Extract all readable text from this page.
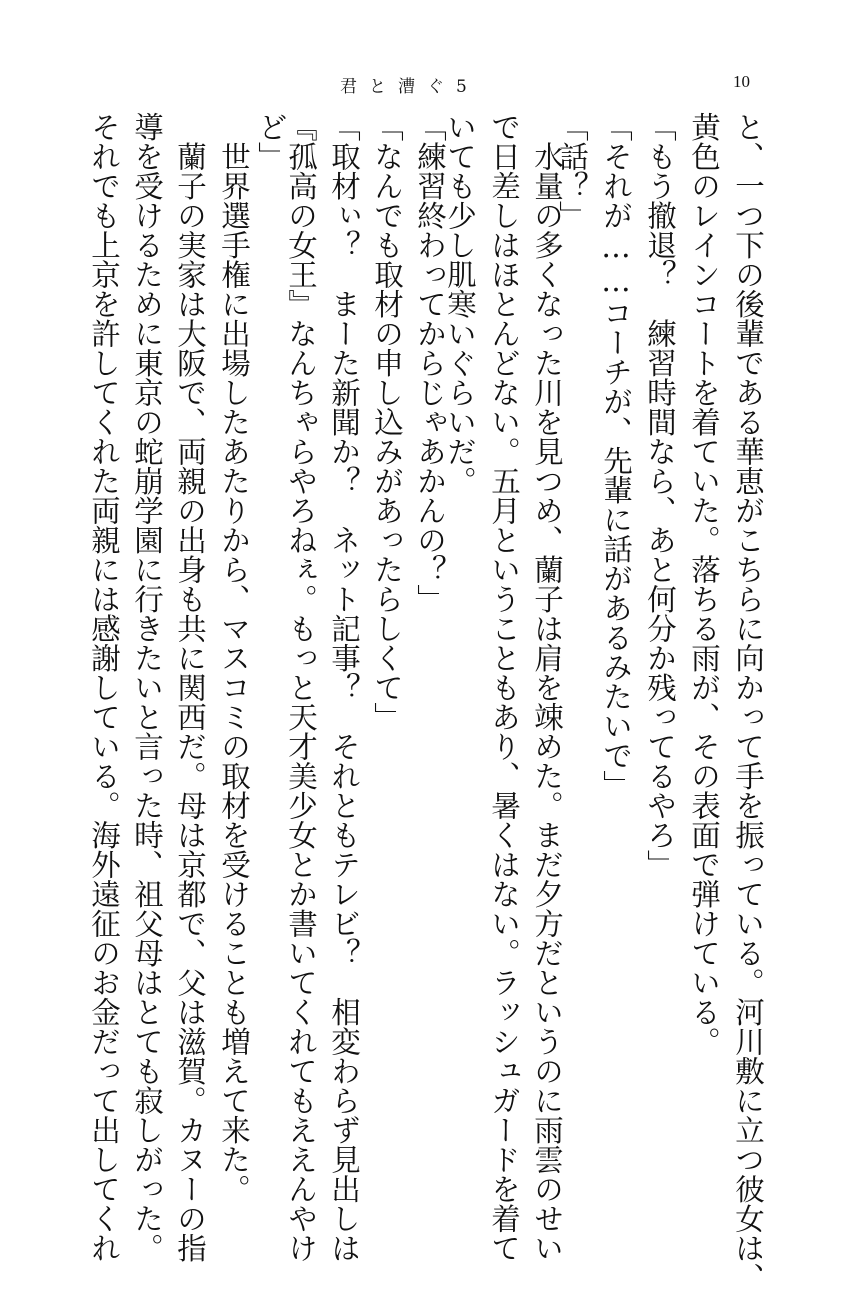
君と漕ぐ5	10
と、一つ下の後輩である華恵がこちらに向かって手を振っている。河川敷に立つ彼女は、
黄色のレインコートを着ていた。落ちる雨が、その表面で弾けている。
「もう撤退？　練習時間なら、あと何分か残ってるやろ」
「それが……コーチが、先輩に話があるみたいで」
「話？」
　水量の多くなった川を見つめ、蘭子は肩を竦めた。まだ夕方だというのに雨雲のせい
で日差しはほとんどない。五月ということもあり、暑くはない。ラッシュガードを着て
いても少し肌寒いぐらいだ。
「練習終わってからじゃあかんの？」
「なんでも取材の申し込みがあったらしくて」
「取材ぃ？　まーた新聞か？　ネット記事？　それともテレビ？　相変わらず見出しは
『孤高の女王』なんちゃらやろねぇ。もっと天才美少女とか書いてくれてもええんやけ
ど」
　世界選手権に出場したあたりから、マスコミの取材を受けることも増えて来た。
　蘭子の実家は大阪で、両親の出身も共に関西だ。母は京都で、父は滋賀。カヌーの指
導を受けるために東京の蛇崩学園に行きたいと言った時、祖父母はとても寂しがった。
それでも上京を許してくれた両親には感謝している。海外遠征のお金だって出してくれ
